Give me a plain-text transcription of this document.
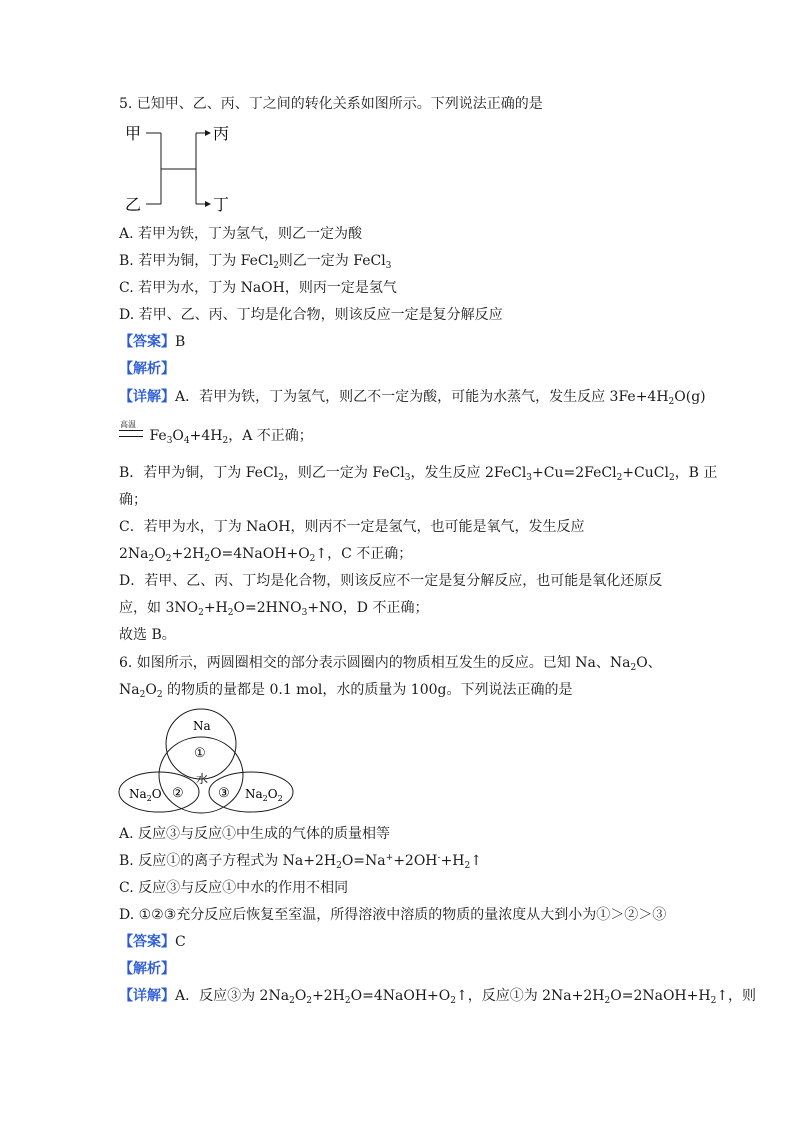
5. 已知甲、乙、丙、丁之间的转化关系如图所示。下列说法正确的是
甲
乙
丙
丁
A. 若甲为铁，丁为氢气，则乙一定为酸
B. 若甲为铜，丁为 FeCl$_2$则乙一定为 FeCl$_3$
C. 若甲为水，丁为 NaOH，则丙一定是氢气
D. 若甲、乙、丙、丁均是化合物，则该反应一定是复分解反应
【答案】B
【解析】
【详解】A．若甲为铁，丁为氢气，则乙不一定为酸，可能为水蒸气，发生反应 $3Fe+4H_2O(g)$
高温
$Fe_3O_4+4H_2$，A 不正确；
B．若甲为铜，丁为 FeCl$_2$，则乙一定为 FeCl$_3$，发生反应 2FeCl$_3$+Cu=2FeCl$_2$+CuCl$_2$，B 正
确；
C．若甲为水，丁为 NaOH，则丙不一定是氢气，也可能是氧气，发生反应
$2Na_2O_2+2H_2O=4NaOH+O_2↑$，C 不正确；
D．若甲、乙、丙、丁均是化合物，则该反应不一定是复分解反应，也可能是氧化还原反
应，如 $3NO_2+H_2O=2HNO_3+NO$，D 不正确；
故选 B。
6. 如图所示，两圆圈相交的部分表示圆圈内的物质相互发生的反应。已知 Na、$Na_2O$、
$Na_2O_2$ 的物质的量都是 0.1 mol，水的质量为 100g。下列说法正确的是
Na
①
水
$Na_2O$ ②	③ $Na_2O_2$
A. 反应③与反应①中生成的气体的质量相等
B. 反应①的离子方程式为 $Na+2H_2O=Na^++2OH^-+H_2↑$
C. 反应③与反应①中水的作用不相同
D. ①②③充分反应后恢复至室温，所得溶液中溶质的物质的量浓度从大到小为①＞②＞③
【答案】C
【解析】
【详解】A．反应③为 $2Na_2O_2+2H_2O=4NaOH+O_2↑$，反应①为 $2Na+2H_2O=2NaOH+H_2↑$，则
